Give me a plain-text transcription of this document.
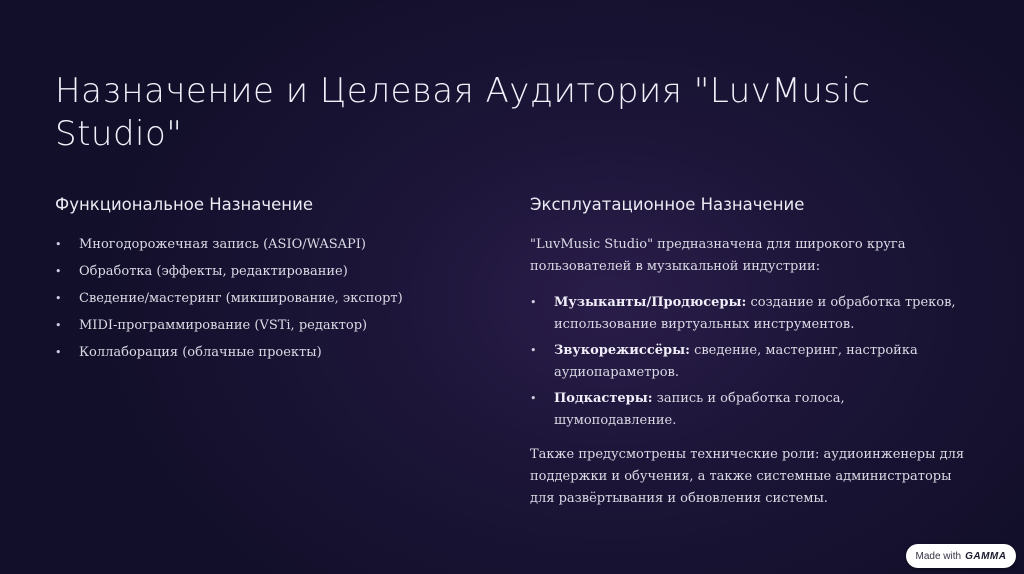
Назначение и Целевая Аудитория "LuvMusic Studio"
Функциональное Назначение
• Многодорожечная запись (ASIO/WASAPI)
• Обработка (эффекты, редактирование)
• Сведение/мастеринг (микширование, экспорт)
• MIDI-программирование (VSTi, редактор)
• Коллаборация (облачные проекты)
Эксплуатационное Назначение

"LuvMusic Studio" предназначена для широкого круга пользователей в музыкальной индустрии:

• Музыканты/Продюсеры: создание и обработка треков, использование виртуальных инструментов.
• Звукорежиссёры: сведение, мастеринг, настройка аудиопараметров.
• Подкастеры: запись и обработка голоса, шумоподавление.

Также предусмотрены технические роли: аудиоинженеры для поддержки и обучения, а также системные администраторы для развёртывания и обновления системы.

Made with GAMMA
